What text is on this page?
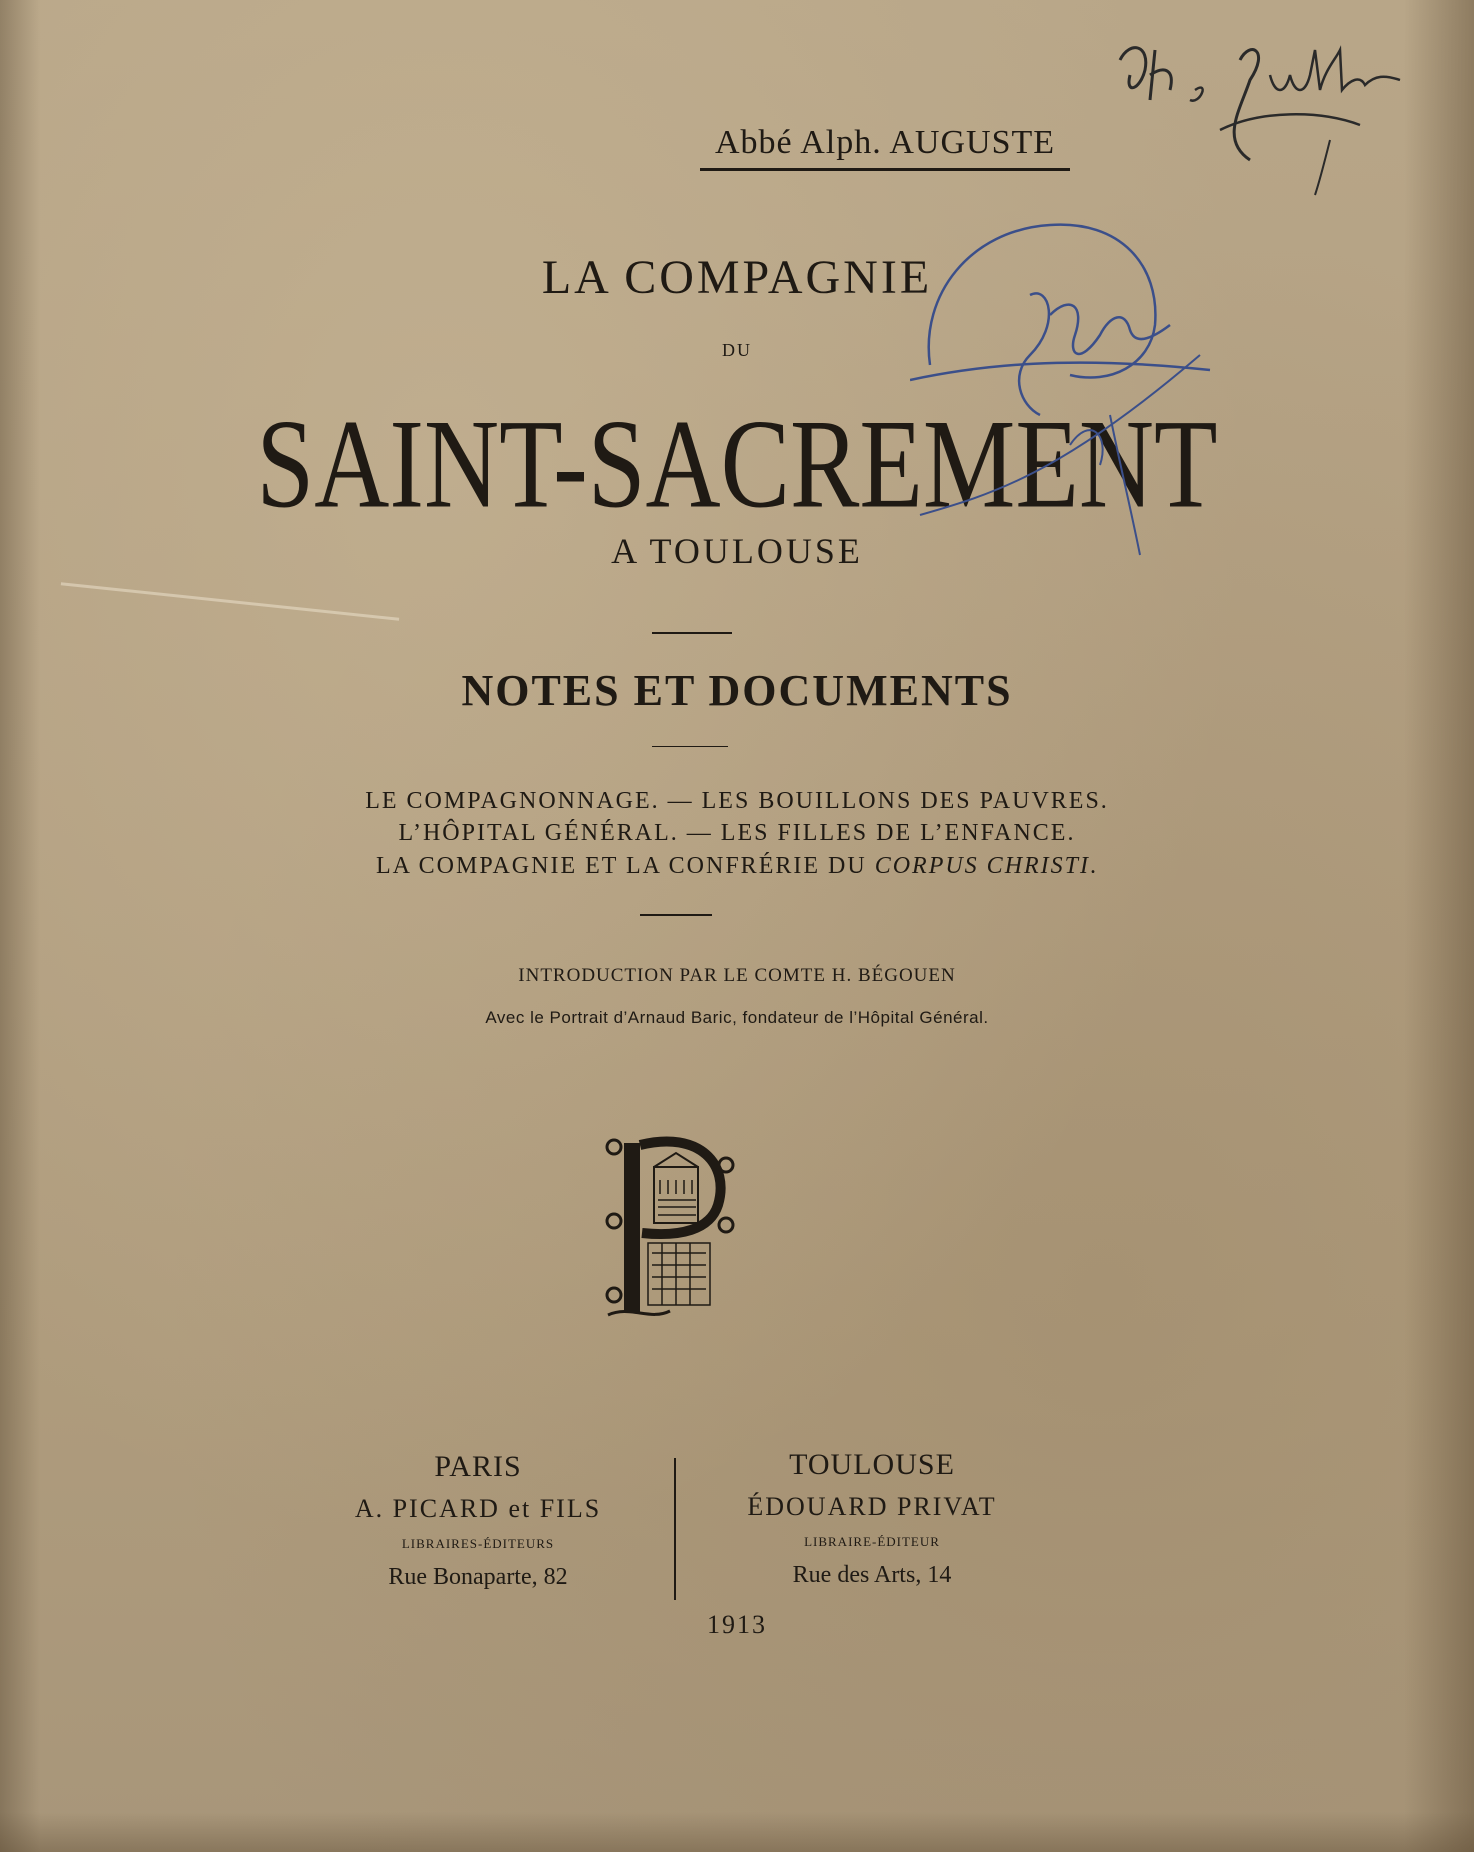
Abbé Alph. AUGUSTE
LA COMPAGNIE
DU
SAINT-SACREMENT
A TOULOUSE
NOTES ET DOCUMENTS
LE COMPAGNONNAGE. — LES BOUILLONS DES PAUVRES.
L’HÔPITAL GÉNÉRAL. — LES FILLES DE L’ENFANCE.
LA COMPAGNIE ET LA CONFRÉRIE DU CORPUS CHRISTI.
INTRODUCTION PAR LE COMTE H. BÉGOUEN
Avec le Portrait d’Arnaud Baric, fondateur de l’Hôpital Général.
PARIS
A. PICARD et FILS
LIBRAIRES-ÉDITEURS
Rue Bonaparte, 82
TOULOUSE
ÉDOUARD PRIVAT
LIBRAIRE-ÉDITEUR
Rue des Arts, 14
1913
